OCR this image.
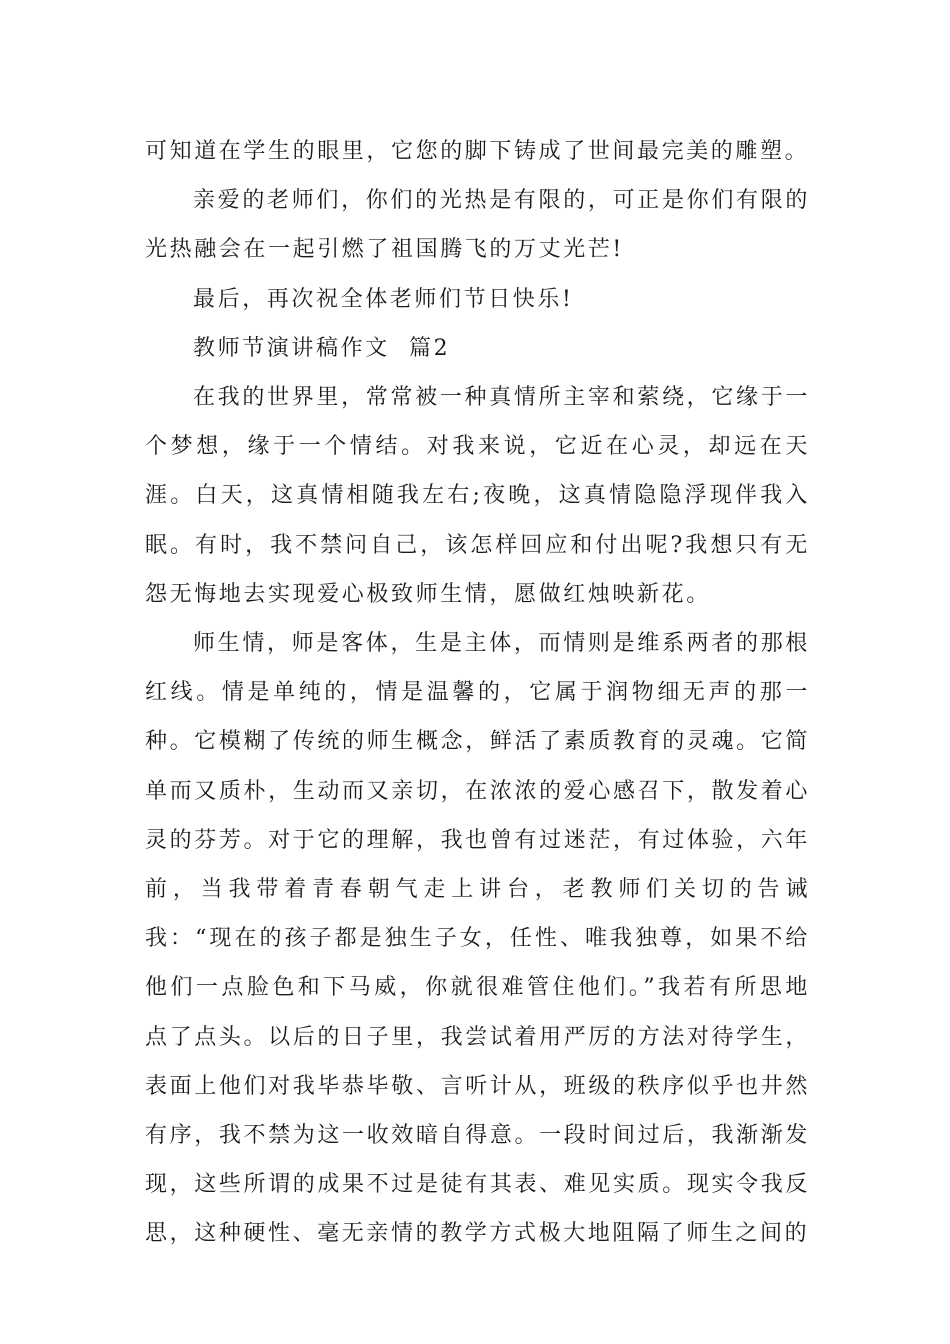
可知道在学生的眼里，它您的脚下铸成了世间最完美的雕塑。

亲爱的老师们，你们的光热是有限的，可正是你们有限的光热融会在一起引燃了祖国腾飞的万丈光芒!

最后，再次祝全体老师们节日快乐!

教师节演讲稿作文  篇2

在我的世界里，常常被一种真情所主宰和萦绕，它缘于一个梦想，缘于一个情结。对我来说，它近在心灵，却远在天涯。白天，这真情相随我左右;夜晚，这真情隐隐浮现伴我入眠。有时，我不禁问自己，该怎样回应和付出呢?我想只有无怨无悔地去实现爱心极致师生情，愿做红烛映新花。

师生情，师是客体，生是主体，而情则是维系两者的那根红线。情是单纯的，情是温馨的，它属于润物细无声的那一种。它模糊了传统的师生概念，鲜活了素质教育的灵魂。它简单而又质朴，生动而又亲切，在浓浓的爱心感召下，散发着心灵的芬芳。对于它的理解，我也曾有过迷茫，有过体验，六年前，当我带着青春朝气走上讲台，老教师们关切的告诫我：“现在的孩子都是独生子女，任性、唯我独尊，如果不给他们一点脸色和下马威，你就很难管住他们。”我若有所思地点了点头。以后的日子里，我尝试着用严厉的方法对待学生，表面上他们对我毕恭毕敬、言听计从，班级的秩序似乎也井然有序，我不禁为这一收效暗自得意。一段时间过后，我渐渐发现，这些所谓的成果不过是徒有其表、难见实质。现实令我反思，这种硬性、毫无亲情的教学方式极大地阻隔了师生之间的
